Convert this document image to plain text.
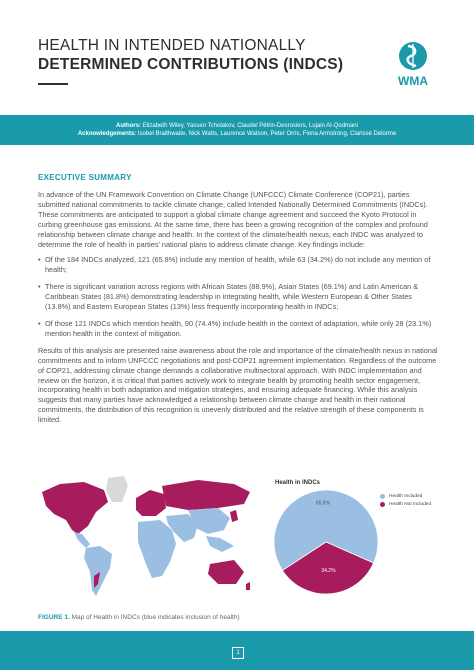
HEALTH IN INTENDED NATIONALLY
DETERMINED CONTRIBUTIONS (INDCS)
WMA
Authors: Elizabeth Wiley, Yassen Tcholakov, Claudel Pétrin-Desrosiers, Lujain Al-Qodmani
Acknowledgements: Isobel Braithwaite, Nick Watts, Laurence Watson, Peter Orris, Fiona Armstrong, Clarissé Delorme
EXECUTIVE SUMMARY

In advance of the UN Framework Convention on Climate Change (UNFCCC) Climate Conference (COP21), parties submitted national commitments to tackle climate change, called Intended Nationally Determined Commitments (INDCs). These commitments are anticipated to support a global climate change agreement and succeed the Kyoto Protocol in curbing greenhouse gas emissions. At the same time, there has been a growing recognition of the complex and profound relationship between climate change and health. In the context of the climate/health nexus, each INDC was analyzed to determine the role of health in parties' national plans to address climate change. Key findings include:

• Of the 184 INDCs analyzed, 121 (65.8%) include any mention of health, while 63 (34.2%) do not include any mention of health;
• There is significant variation across regions with African States (88.9%), Asian States (69.1%) and Latin American & Caribbean States (81.8%) demonstrating leadership in integrating health, while Western European & Other States (13.8%) and Eastern European States (13%) less frequently incorporating health in INDCs;
• Of those 121 INDCs which mention health, 90 (74.4%) include health in the context of adaptation, while only 28 (23.1%) mention health in the context of mitigation.

Results of this analysis are presented raise awareness about the role and importance of the climate/health nexus in national commitments and to inform UNFCCC negotiations and post-COP21 agreement implementation. Regardless of the outcome of COP21, addressing climate change demands a collaborative multisectoral approach. With INDC implementation and review on the horizon, it is critical that parties actively work to integrate health by promoting health sector engagement, incorporating health in both adaptation and mitigation strategies, and ensuring adequate financing. While this analysis suggests that many parties have acknowledged a relationship between climate change and health in their national commitments, the distribution of this recognition is unevenly distributed and the relative strength of these components is limited.

Health in INDCs
65.8%
34.2%
Health Included
Health Not Included
FIGURE 1. Map of Health in INDCs (blue indicates inclusion of health)
1
